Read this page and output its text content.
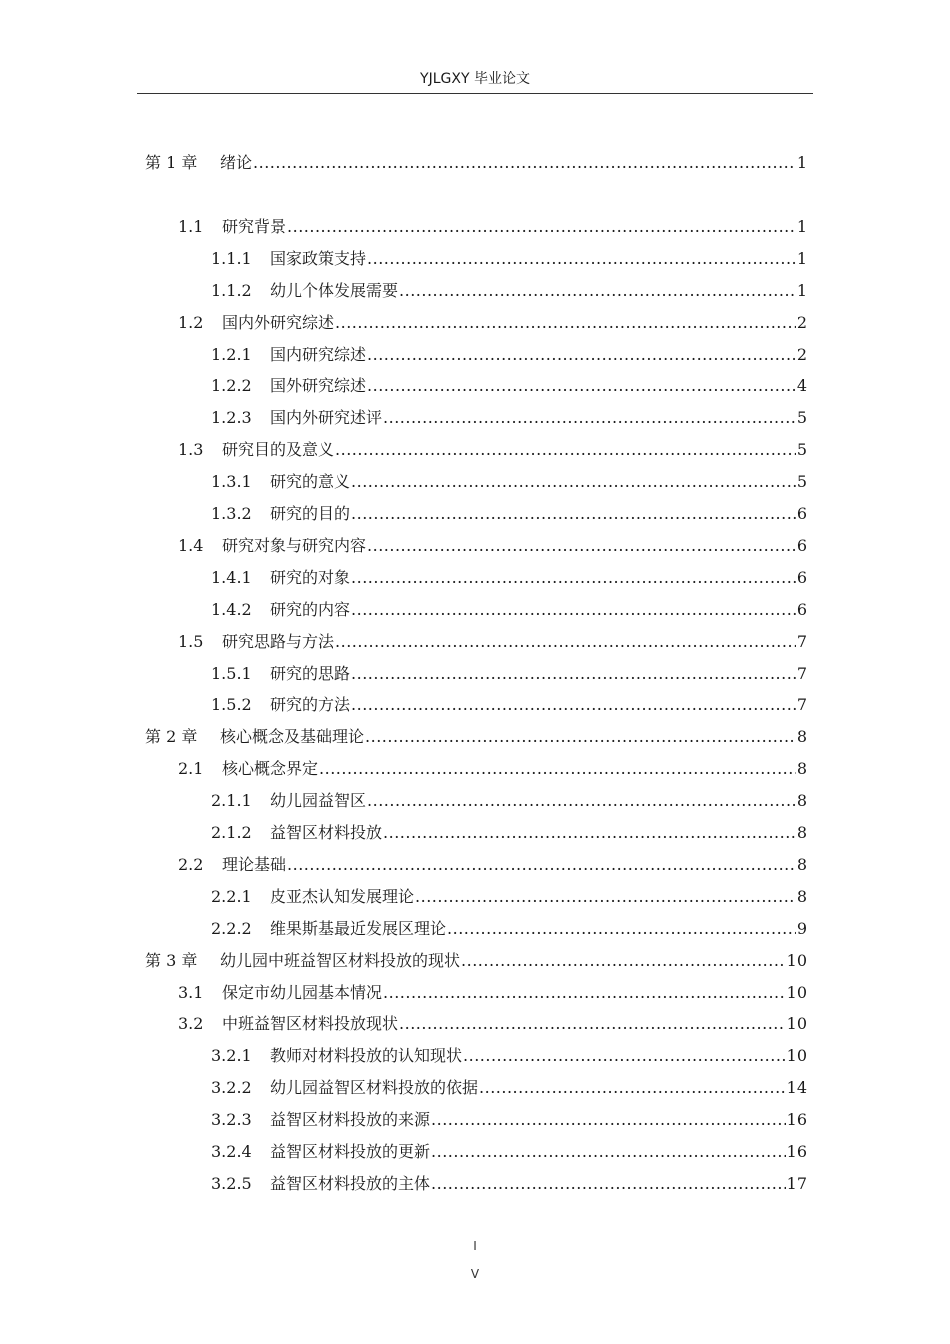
YJLGXY 毕业论文
第 1 章	绪论 .....	1
1.1	研究背景 .....	1
1.1.1	国家政策支持 .....	1
1.1.2	幼儿个体发展需要 .....	1
1.2	国内外研究综述 .....	2
1.2.1	国内研究综述 .....	2
1.2.2	国外研究综述 .....	4
1.2.3	国内外研究述评 .....	5
1.3	研究目的及意义 .....	5
1.3.1	研究的意义 .....	5
1.3.2	研究的目的 .....	6
1.4	研究对象与研究内容 .....	6
1.4.1	研究的对象 .....	6
1.4.2	研究的内容 .....	6
1.5	研究思路与方法 .....	7
1.5.1	研究的思路 .....	7
1.5.2	研究的方法 .....	7
第 2 章	核心概念及基础理论 .....	8
2.1	核心概念界定 .....	8
2.1.1	幼儿园益智区 .....	8
2.1.2	益智区材料投放 .....	8
2.2	理论基础 .....	8
2.2.1	皮亚杰认知发展理论 .....	8
2.2.2	维果斯基最近发展区理论 .....	9
第 3 章	幼儿园中班益智区材料投放的现状 .....	10
3.1	保定市幼儿园基本情况 .....	10
3.2	中班益智区材料投放现状 .....	10
3.2.1	教师对材料投放的认知现状 .....	10
3.2.2	幼儿园益智区材料投放的依据 .....	14
3.2.3	益智区材料投放的来源 .....	16
3.2.4	益智区材料投放的更新 .....	16
3.2.5	益智区材料投放的主体 .....	17
I
V
